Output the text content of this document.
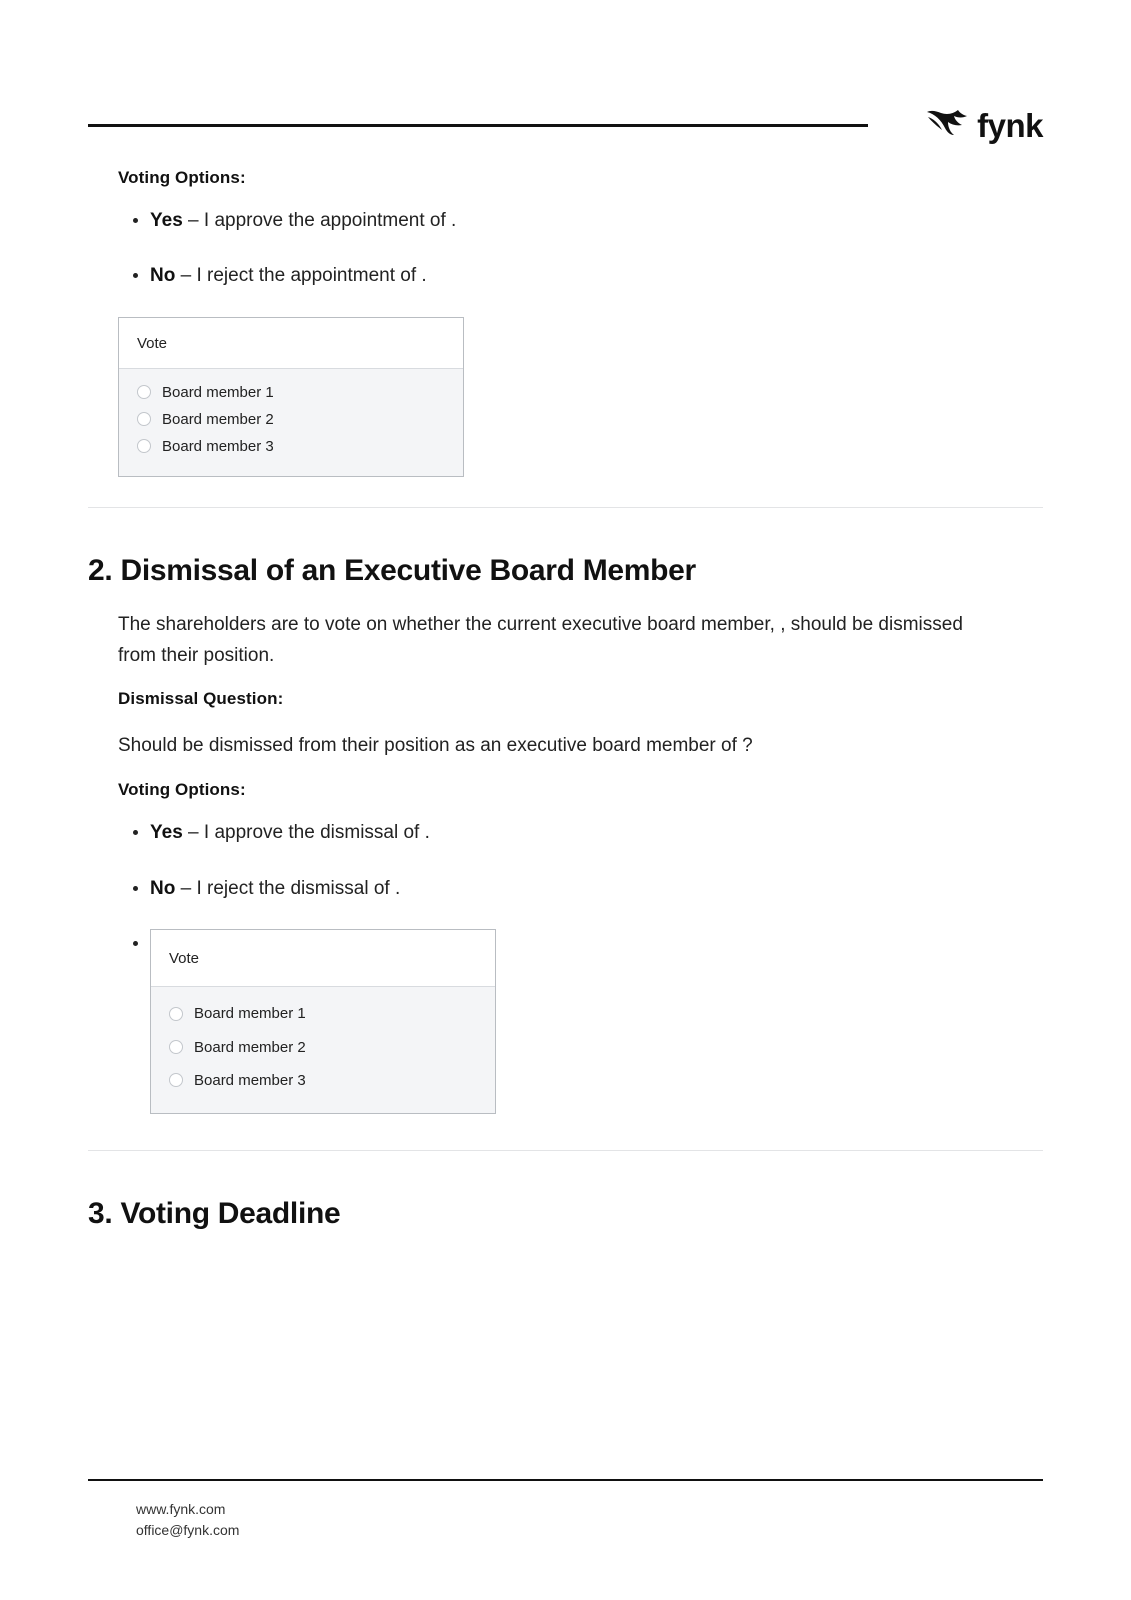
fynk
Voting Options:
Yes – I approve the appointment of .
No – I reject the appointment of .
Vote
Board member 1
Board member 2
Board member 3
2. Dismissal of an Executive Board Member

The shareholders are to vote on whether the current executive board member, , should be dismissed from their position.

Dismissal Question:

Should be dismissed from their position as an executive board member of ?

Voting Options:
Yes – I approve the dismissal of .
No – I reject the dismissal of .
Vote
Board member 1
Board member 2
Board member 3
3. Voting Deadline
www.fynk.com
office@fynk.com
